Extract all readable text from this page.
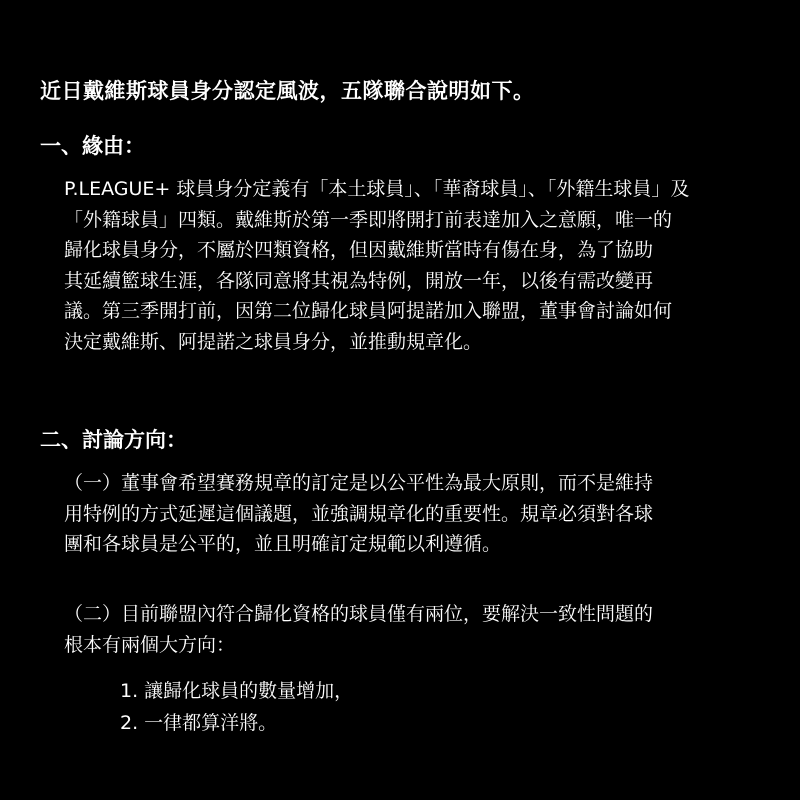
近日戴維斯球員身分認定風波，五隊聯合說明如下。
一、緣由：
P.LEAGUE+ 球員身分定義有「本土球員」、「華裔球員」、「外籍生球員」及
「外籍球員」四類。戴維斯於第一季即將開打前表達加入之意願，唯一的
歸化球員身分，不屬於四類資格，但因戴維斯當時有傷在身，為了協助
其延續籃球生涯，各隊同意將其視為特例，開放一年，以後有需改變再
議。第三季開打前，因第二位歸化球員阿提諾加入聯盟，董事會討論如何
決定戴維斯、阿提諾之球員身分，並推動規章化。
二、討論方向：
（一）董事會希望賽務規章的訂定是以公平性為最大原則，而不是維持
用特例的方式延遲這個議題，並強調規章化的重要性。規章必須對各球
團和各球員是公平的，並且明確訂定規範以利遵循。
（二）目前聯盟內符合歸化資格的球員僅有兩位，要解決一致性問題的
根本有兩個大方向：
1. 讓歸化球員的數量增加，
2. 一律都算洋將。
